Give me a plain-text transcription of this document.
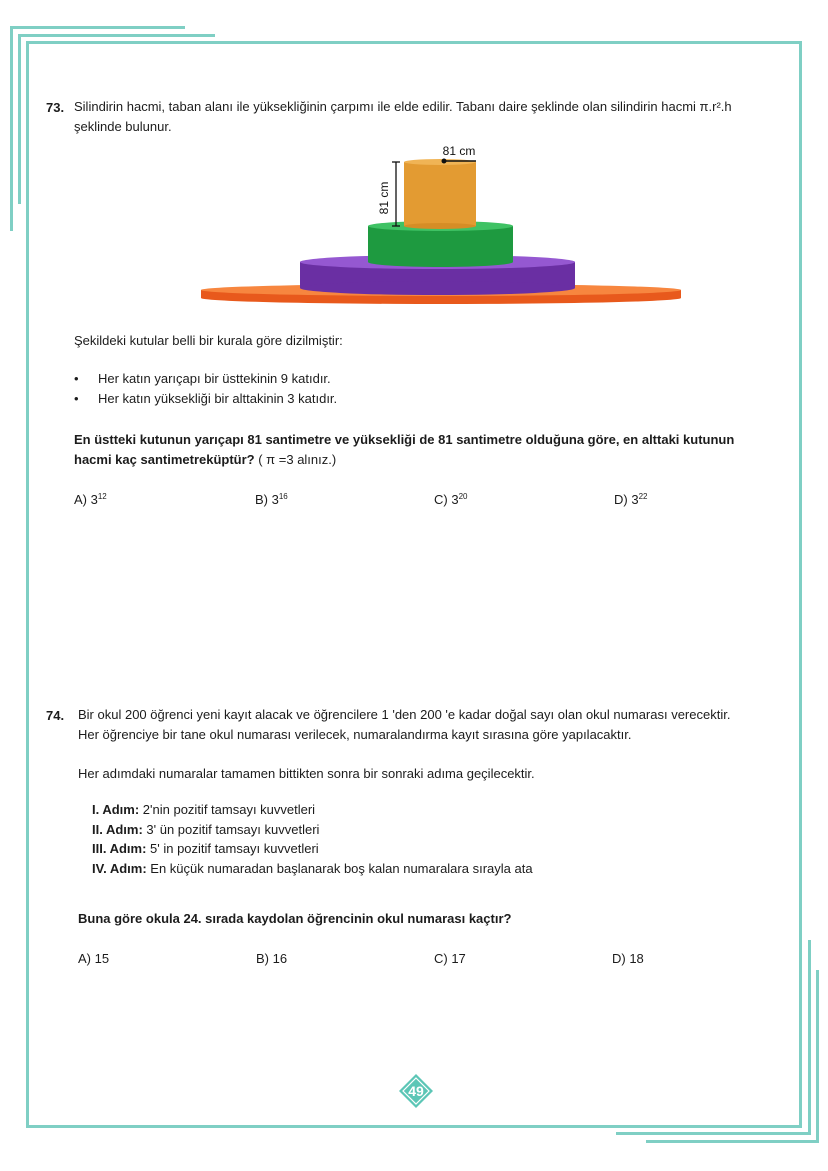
73. Silindirin hacmi, taban alanı ile yüksekliğinin çarpımı ile elde edilir. Tabanı daire şeklinde olan silindirin hacmi π.r².h
şeklinde bulunur.
81 cm
81 cm
Şekildeki kutular belli bir kurala göre dizilmiştir:
• Her katın yarıçapı bir üsttekinin 9 katıdır.
• Her katın yüksekliği bir alttakinin 3 katıdır.
En üstteki kutunun yarıçapı 81 santimetre ve yüksekliği de 81 santimetre olduğuna göre, en alttaki kutunun
hacmi kaç santimetreküptür? ( π =3 alınız.)
A) $3^{12}$	B) $3^{16}$	C) $3^{20}$	D) $3^{22}$
74. Bir okul 200 öğrenci yeni kayıt alacak ve öğrencilere 1 'den 200 'e kadar doğal sayı olan okul numarası verecektir.
Her öğrenciye bir tane okul numarası verilecek, numaralandırma kayıt sırasına göre yapılacaktır.
Her adımdaki numaralar tamamen bittikten sonra bir sonraki adıma geçilecektir.
I. Adım: 2'nin pozitif tamsayı kuvvetleri
II. Adım: 3' ün pozitif tamsayı kuvvetleri
III. Adım: 5' in pozitif tamsayı kuvvetleri
IV. Adım: En küçük numaradan başlanarak boş kalan numaralara sırayla ata
Buna göre okula 24. sırada kaydolan öğrencinin okul numarası kaçtır?
A) 15	B) 16	C) 17	D) 18
49
